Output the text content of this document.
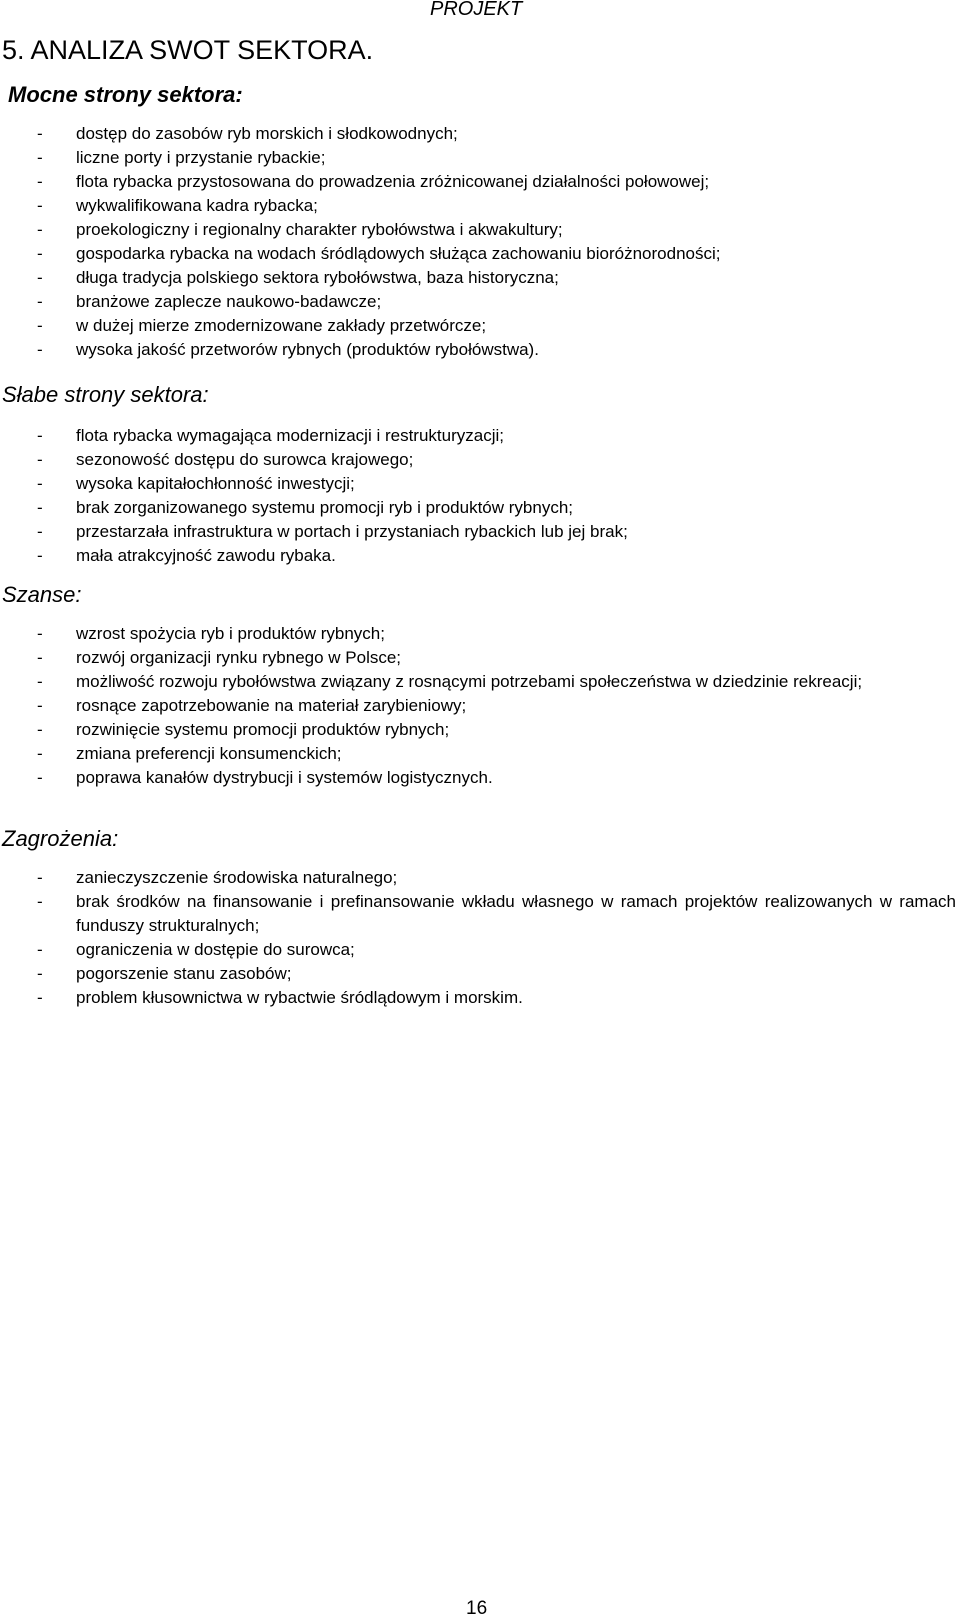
PROJEKT
5. ANALIZA SWOT SEKTORA.
Mocne strony sektora:
- dostęp do zasobów ryb morskich i słodkowodnych;
- liczne porty i przystanie rybackie;
- flota rybacka przystosowana do prowadzenia zróżnicowanej działalności połowowej;
- wykwalifikowana kadra rybacka;
- proekologiczny i regionalny charakter rybołówstwa i akwakultury;
- gospodarka rybacka na wodach śródlądowych służąca zachowaniu bioróżnorodności;
- długa tradycja polskiego sektora rybołówstwa, baza historyczna;
- branżowe zaplecze naukowo-badawcze;
- w dużej mierze zmodernizowane zakłady przetwórcze;
- wysoka jakość przetworów rybnych (produktów rybołówstwa).
Słabe strony sektora:
- flota rybacka wymagająca modernizacji i restrukturyzacji;
- sezonowość dostępu do surowca krajowego;
- wysoka kapitałochłonność inwestycji;
- brak zorganizowanego systemu promocji ryb i produktów rybnych;
- przestarzała infrastruktura w portach i przystaniach rybackich lub jej brak;
- mała atrakcyjność zawodu rybaka.
Szanse:
- wzrost spożycia ryb i produktów rybnych;
- rozwój organizacji rynku rybnego w Polsce;
- możliwość rozwoju rybołówstwa związany z rosnącymi potrzebami społeczeństwa w dziedzinie rekreacji;
- rosnące zapotrzebowanie na materiał zarybieniowy;
- rozwinięcie systemu promocji produktów rybnych;
- zmiana preferencji konsumenckich;
- poprawa kanałów dystrybucji i systemów logistycznych.
Zagrożenia:
- zanieczyszczenie środowiska naturalnego;
- brak środków na finansowanie i prefinansowanie wkładu własnego w ramach projektów realizowanych w ramach funduszy strukturalnych;
- ograniczenia w dostępie do surowca;
- pogorszenie stanu zasobów;
- problem kłusownictwa w rybactwie śródlądowym i morskim.
16
